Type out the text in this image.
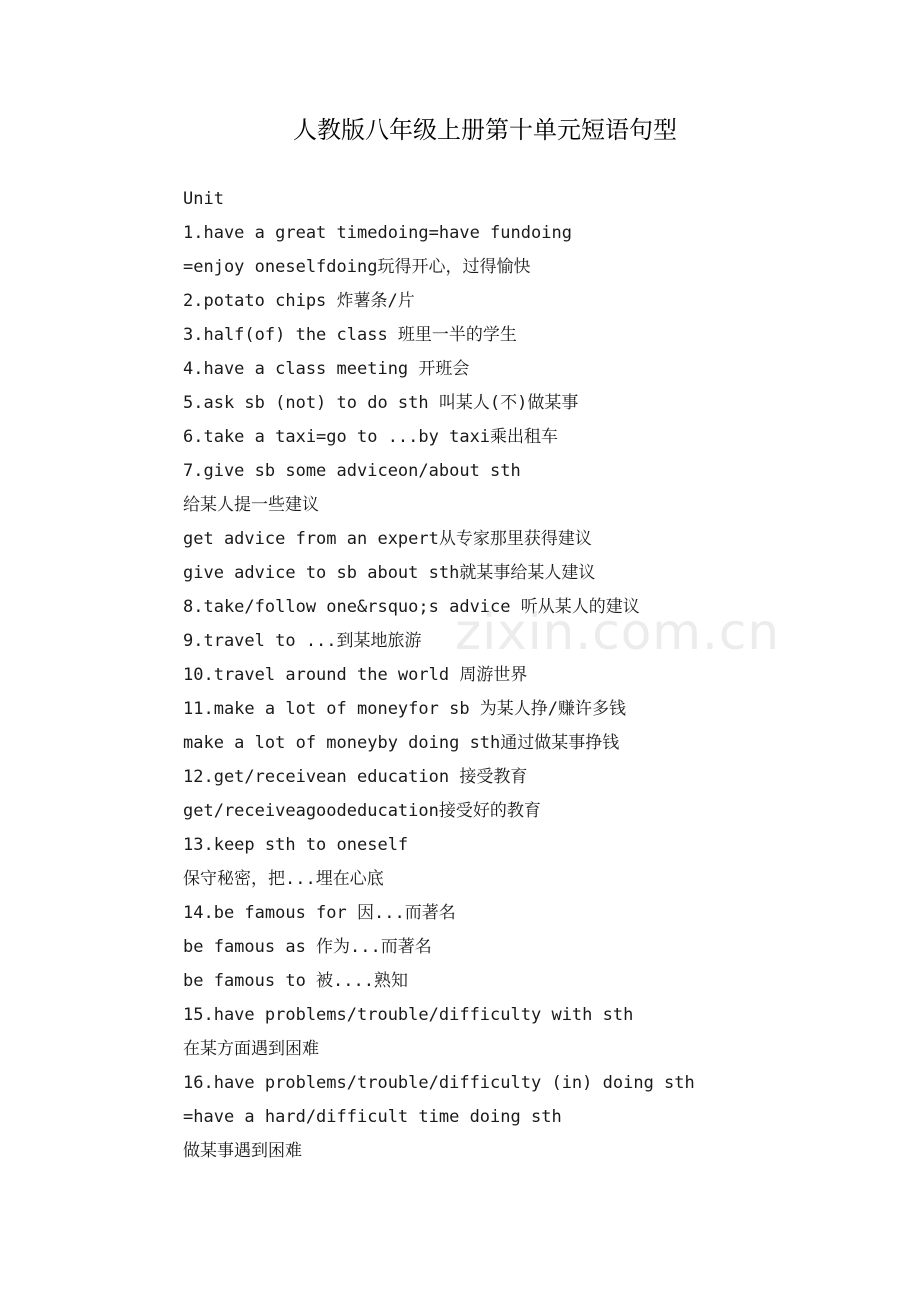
人教版八年级上册第十单元短语句型
Unit
1.have a great timedoing=have fundoing
=enjoy oneselfdoing玩得开心，过得愉快
2.potato chips 炸薯条/片
3.half(of) the class 班里一半的学生
4.have a class meeting 开班会
5.ask sb (not) to do sth 叫某人(不)做某事
6.take a taxi=go to ...by taxi乘出租车
7.give sb some adviceon/about sth
给某人提一些建议
get advice from an expert从专家那里获得建议
give advice to sb about sth就某事给某人建议
8.take/follow one&rsquo;s advice 听从某人的建议
9.travel to ...到某地旅游
10.travel around the world 周游世界
11.make a lot of moneyfor sb 为某人挣/赚许多钱
make a lot of moneyby doing sth通过做某事挣钱
12.get/receivean education 接受教育
get/receiveagoodeducation接受好的教育
13.keep sth to oneself
保守秘密，把...埋在心底
14.be famous for 因...而著名
be famous as 作为...而著名
be famous to 被....熟知
15.have problems/trouble/difficulty with sth
在某方面遇到困难
16.have problems/trouble/difficulty (in) doing sth
=have a hard/difficult time doing sth
做某事遇到困难
zixin.com.cn
